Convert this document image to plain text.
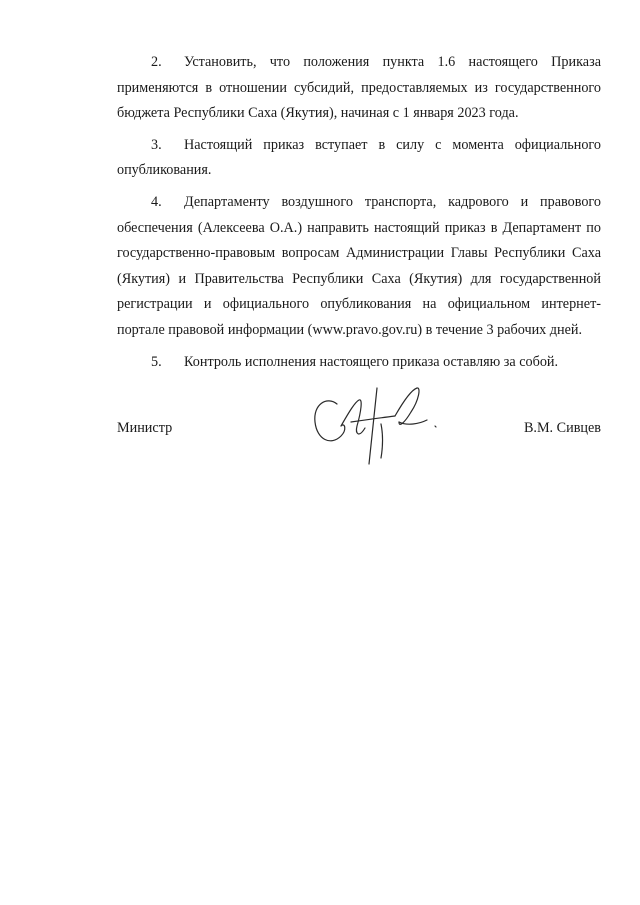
2. Установить, что положения пункта 1.6 настоящего Приказа применяются в отношении субсидий, предоставляемых из государственного бюджета Республики Саха (Якутия), начиная с 1 января 2023 года.

3. Настоящий приказ вступает в силу с момента официального опубликования.

4. Департаменту воздушного транспорта, кадрового и правового обеспечения (Алексеева О.А.) направить настоящий приказ в Департамент по государственно-правовым вопросам Администрации Главы Республики Саха (Якутия) и Правительства Республики Саха (Якутия) для государственной регистрации и официального опубликования на официальном интернет-портале правовой информации (www.pravo.gov.ru) в течение 3 рабочих дней.

5. Контроль исполнения настоящего приказа оставляю за собой.

Министр	В.М. Сивцев
